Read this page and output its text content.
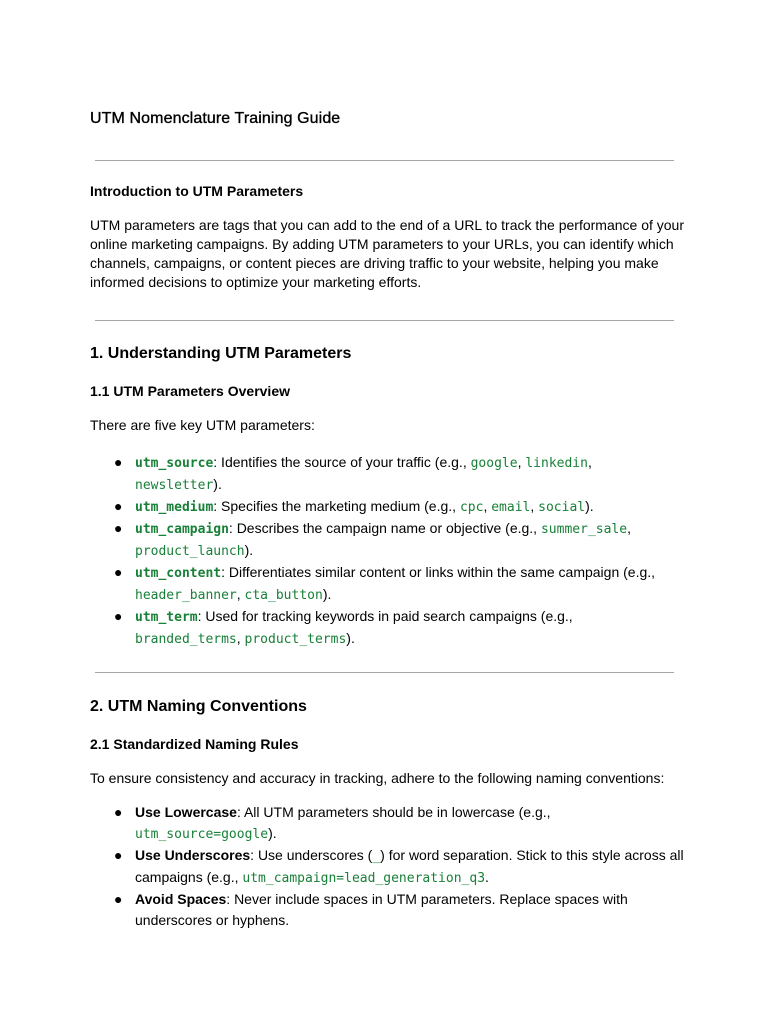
UTM Nomenclature Training Guide
Introduction to UTM Parameters
UTM parameters are tags that you can add to the end of a URL to track the performance of your
online marketing campaigns. By adding UTM parameters to your URLs, you can identify which
channels, campaigns, or content pieces are driving traffic to your website, helping you make
informed decisions to optimize your marketing efforts.
1. Understanding UTM Parameters
1.1 UTM Parameters Overview

There are five key UTM parameters:

● utm_source: Identifies the source of your traffic (e.g., google, linkedin,
newsletter).
● utm_medium: Specifies the marketing medium (e.g., cpc, email, social).
● utm_campaign: Describes the campaign name or objective (e.g., summer_sale,
product_launch).
● utm_content: Differentiates similar content or links within the same campaign (e.g.,
header_banner, cta_button).
● utm_term: Used for tracking keywords in paid search campaigns (e.g.,
branded_terms, product_terms).
2. UTM Naming Conventions
2.1 Standardized Naming Rules

To ensure consistency and accuracy in tracking, adhere to the following naming conventions:

● Use Lowercase: All UTM parameters should be in lowercase (e.g.,
utm_source=google).
● Use Underscores: Use underscores (_) for word separation. Stick to this style across all
campaigns (e.g., utm_campaign=lead_generation_q3.
● Avoid Spaces: Never include spaces in UTM parameters. Replace spaces with
underscores or hyphens.
